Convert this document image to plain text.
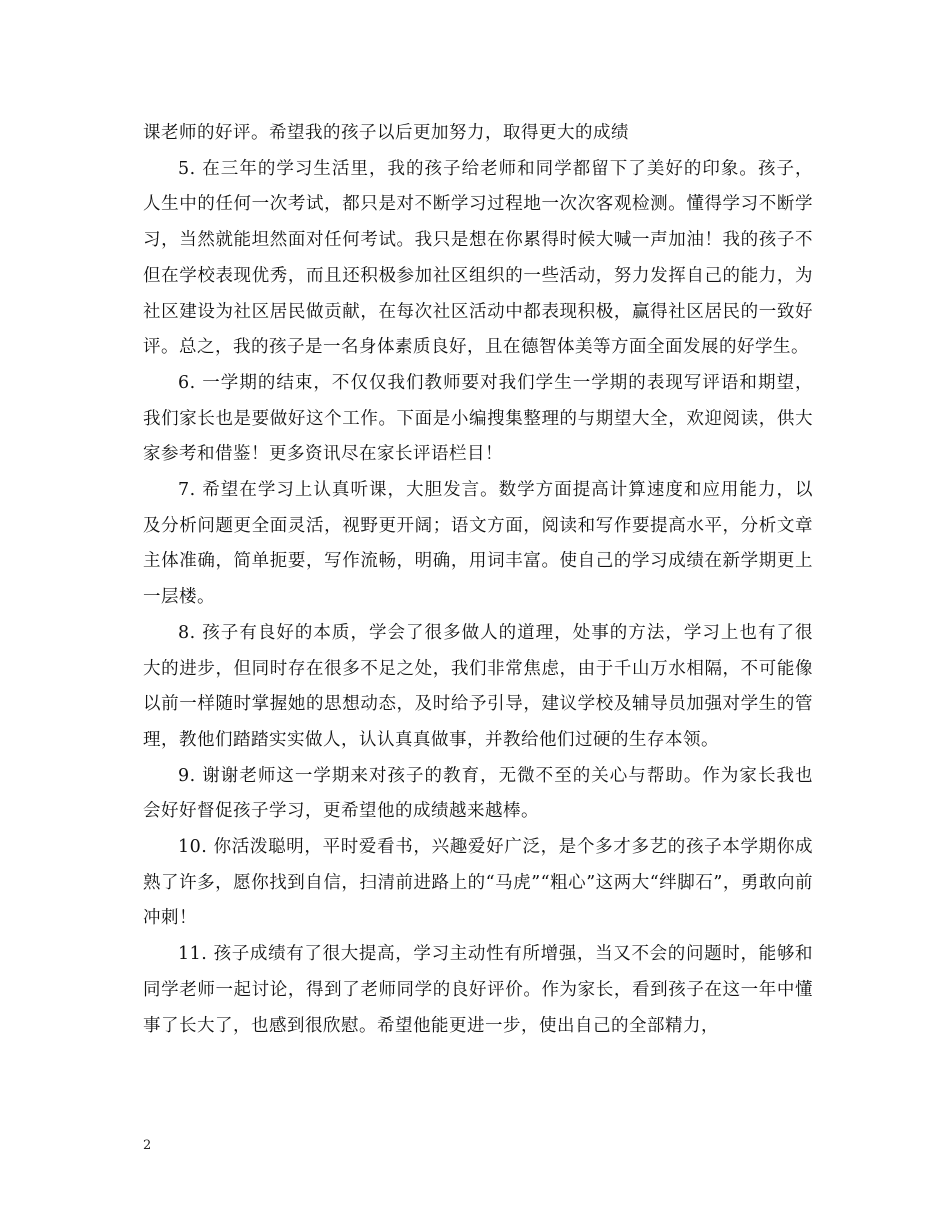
课老师的好评。希望我的孩子以后更加努力，取得更大的成绩

5. 在三年的学习生活里，我的孩子给老师和同学都留下了美好的印象。孩子，人生中的任何一次考试，都只是对不断学习过程地一次次客观检测。懂得学习不断学习，当然就能坦然面对任何考试。我只是想在你累得时候大喊一声加油！我的孩子不但在学校表现优秀，而且还积极参加社区组织的一些活动，努力发挥自己的能力，为社区建设为社区居民做贡献，在每次社区活动中都表现积极，赢得社区居民的一致好评。总之，我的孩子是一名身体素质良好，且在德智体美等方面全面发展的好学生。

6. 一学期的结束，不仅仅我们教师要对我们学生一学期的表现写评语和期望，我们家长也是要做好这个工作。下面是小编搜集整理的与期望大全，欢迎阅读，供大家参考和借鉴！更多资讯尽在家长评语栏目！

7. 希望在学习上认真听课，大胆发言。数学方面提高计算速度和应用能力，以及分析问题更全面灵活，视野更开阔；语文方面，阅读和写作要提高水平，分析文章主体准确，简单扼要，写作流畅，明确，用词丰富。使自己的学习成绩在新学期更上一层楼。

8. 孩子有良好的本质，学会了很多做人的道理，处事的方法，学习上也有了很大的进步，但同时存在很多不足之处，我们非常焦虑，由于千山万水相隔，不可能像以前一样随时掌握她的思想动态，及时给予引导，建议学校及辅导员加强对学生的管理，教他们踏踏实实做人，认认真真做事，并教给他们过硬的生存本领。

9. 谢谢老师这一学期来对孩子的教育，无微不至的关心与帮助。作为家长我也会好好督促孩子学习，更希望他的成绩越来越棒。

10. 你活泼聪明，平时爱看书，兴趣爱好广泛，是个多才多艺的孩子本学期你成熟了许多，愿你找到自信，扫清前进路上的“马虎”“粗心”这两大“绊脚石”，勇敢向前冲刺！

11. 孩子成绩有了很大提高，学习主动性有所增强，当又不会的问题时，能够和同学老师一起讨论，得到了老师同学的良好评价。作为家长，看到孩子在这一年中懂事了长大了，也感到很欣慰。希望他能更进一步，使出自己的全部精力，

2
